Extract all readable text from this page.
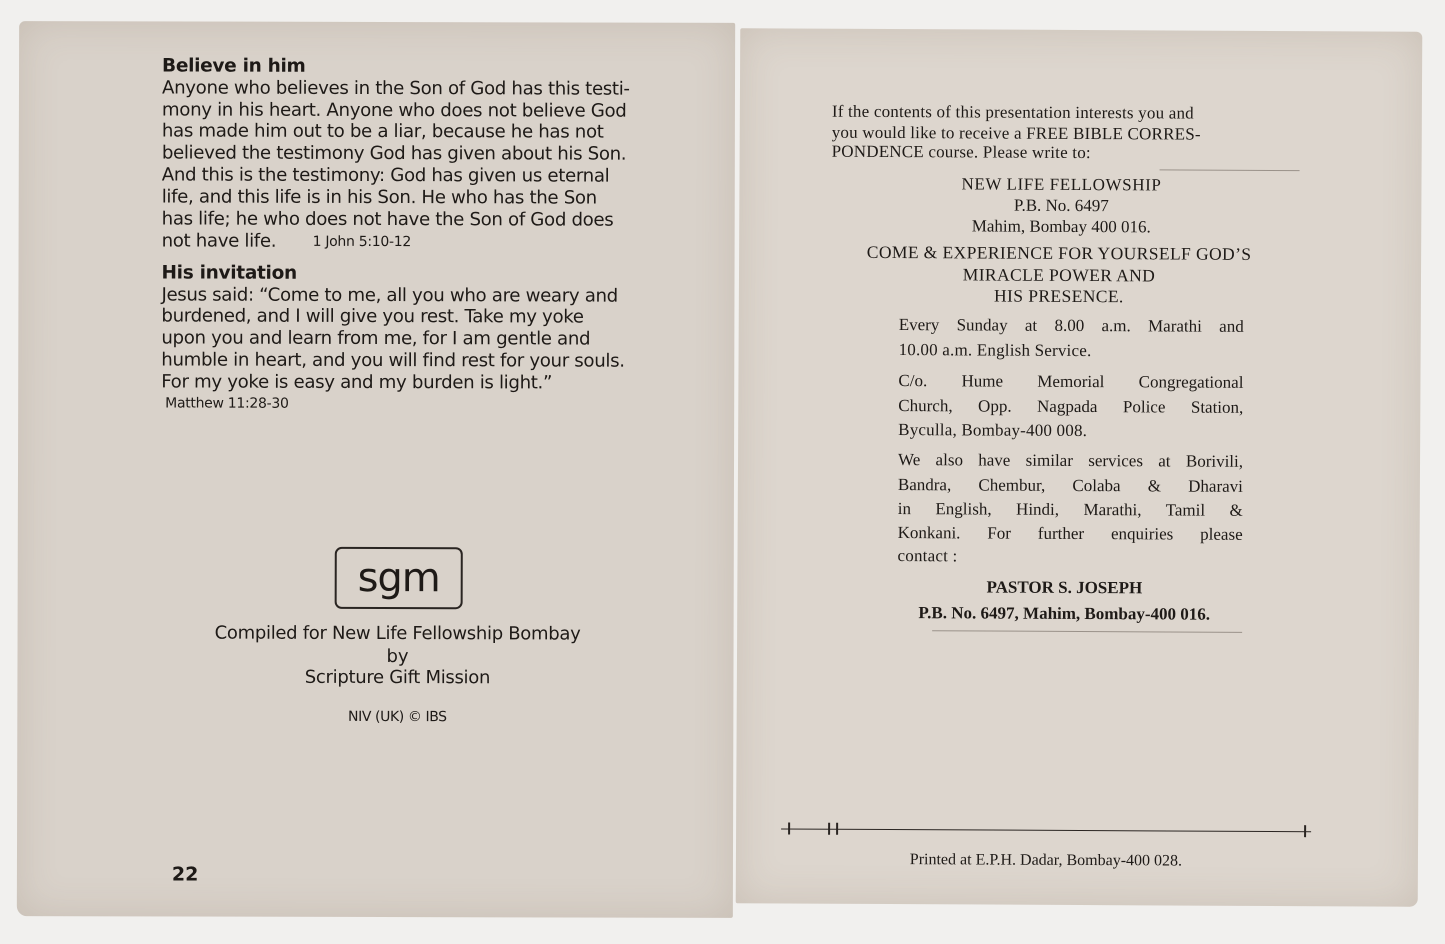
Believe in him
Anyone who believes in the Son of God has this testi-
mony in his heart. Anyone who does not believe God
has made him out to be a liar, because he has not
believed the testimony God has given about his Son.
And this is the testimony: God has given us eternal
life, and this life is in his Son. He who has the Son
has life; he who does not have the Son of God does
not have life.	1 John 5:10-12
His invitation
Jesus said: “Come to me, all you who are weary and
burdened, and I will give you rest. Take my yoke
upon you and learn from me, for I am gentle and
humble in heart, and you will find rest for your souls.
For my yoke is easy and my burden is light.”
Matthew 11:28-30
sgm
Compiled for New Life Fellowship Bombay
by
Scripture Gift Mission
NIV (UK) © IBS
22
If the contents of this presentation interests you and
you would like to receive a FREE BIBLE CORRES-
PONDENCE course. Please write to:
NEW LIFE FELLOWSHIP
P.B. No. 6497
Mahim, Bombay 400 016.
COME & EXPERIENCE FOR YOURSELF GOD’S
MIRACLE POWER AND
HIS PRESENCE.
Every Sunday at 8.00 a.m. Marathi and
10.00 a.m. English Service.
C/o. Hume Memorial Congregational
Church, Opp. Nagpada Police Station,
Byculla, Bombay-400 008.
We also have similar services at Borivili,
Bandra, Chembur, Colaba & Dharavi
in English, Hindi, Marathi, Tamil &
Konkani. For further enquiries please
contact :
PASTOR S. JOSEPH
P.B. No. 6497, Mahim, Bombay-400 016.
Printed at E.P.H. Dadar, Bombay-400 028.
